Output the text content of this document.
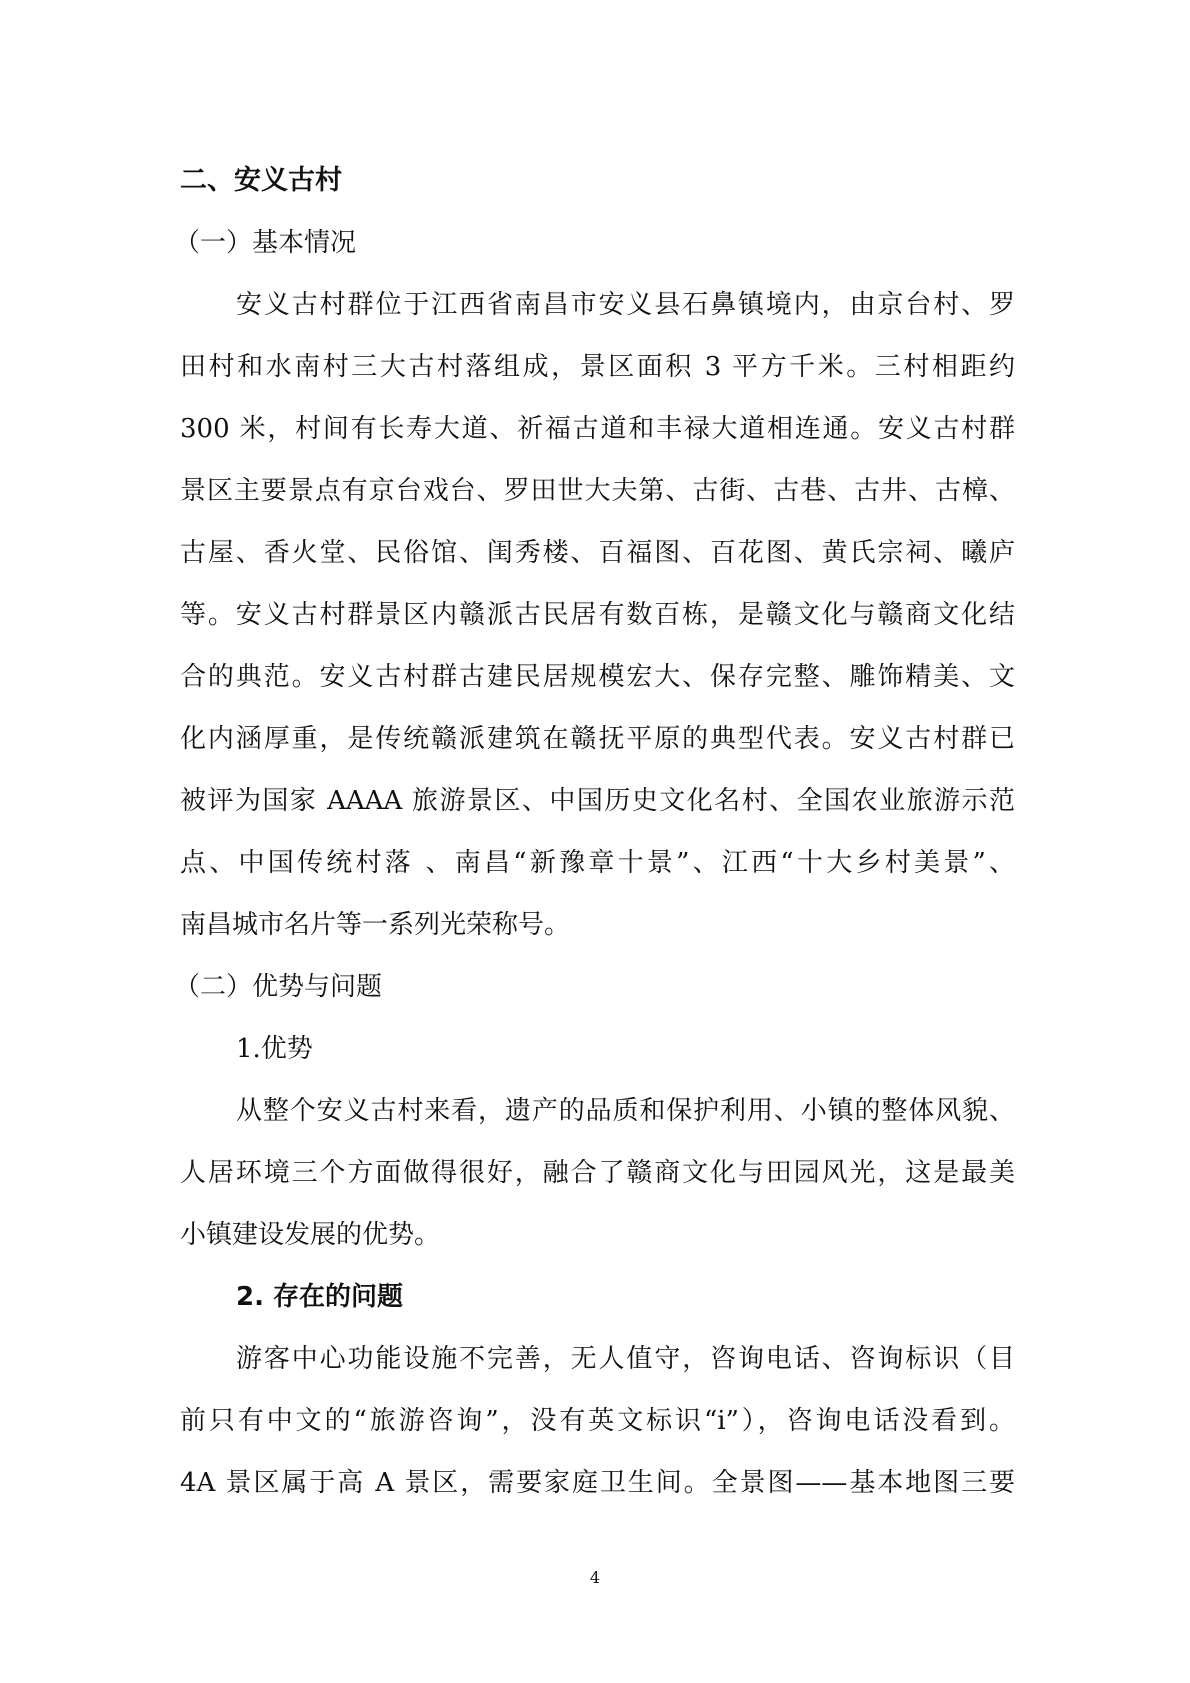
二、安义古村
（一）基本情况
安义古村群位于江西省南昌市安义县石鼻镇境内，由京台村、罗
田村和水南村三大古村落组成，景区面积 3 平方千米。三村相距约
300 米，村间有长寿大道、祈福古道和丰禄大道相连通。安义古村群
景区主要景点有京台戏台、罗田世大夫第、古街、古巷、古井、古樟、
古屋、香火堂、民俗馆、闺秀楼、百福图、百花图、黄氏宗祠、曦庐
等。安义古村群景区内赣派古民居有数百栋，是赣文化与赣商文化结
合的典范。安义古村群古建民居规模宏大、保存完整、雕饰精美、文
化内涵厚重，是传统赣派建筑在赣抚平原的典型代表。安义古村群已
被评为国家 AAAA 旅游景区、中国历史文化名村、全国农业旅游示范
点、中国传统村落 、南昌“新豫章十景”、江西“十大乡村美景”、
南昌城市名片等一系列光荣称号。
（二）优势与问题
1.优势
从整个安义古村来看，遗产的品质和保护利用、小镇的整体风貌、
人居环境三个方面做得很好，融合了赣商文化与田园风光，这是最美
小镇建设发展的优势。
2. 存在的问题
游客中心功能设施不完善，无人值守，咨询电话、咨询标识（目
前只有中文的“旅游咨询”，没有英文标识“i”），咨询电话没看到。
4A 景区属于高 A 景区，需要家庭卫生间。全景图——基本地图三要
4
